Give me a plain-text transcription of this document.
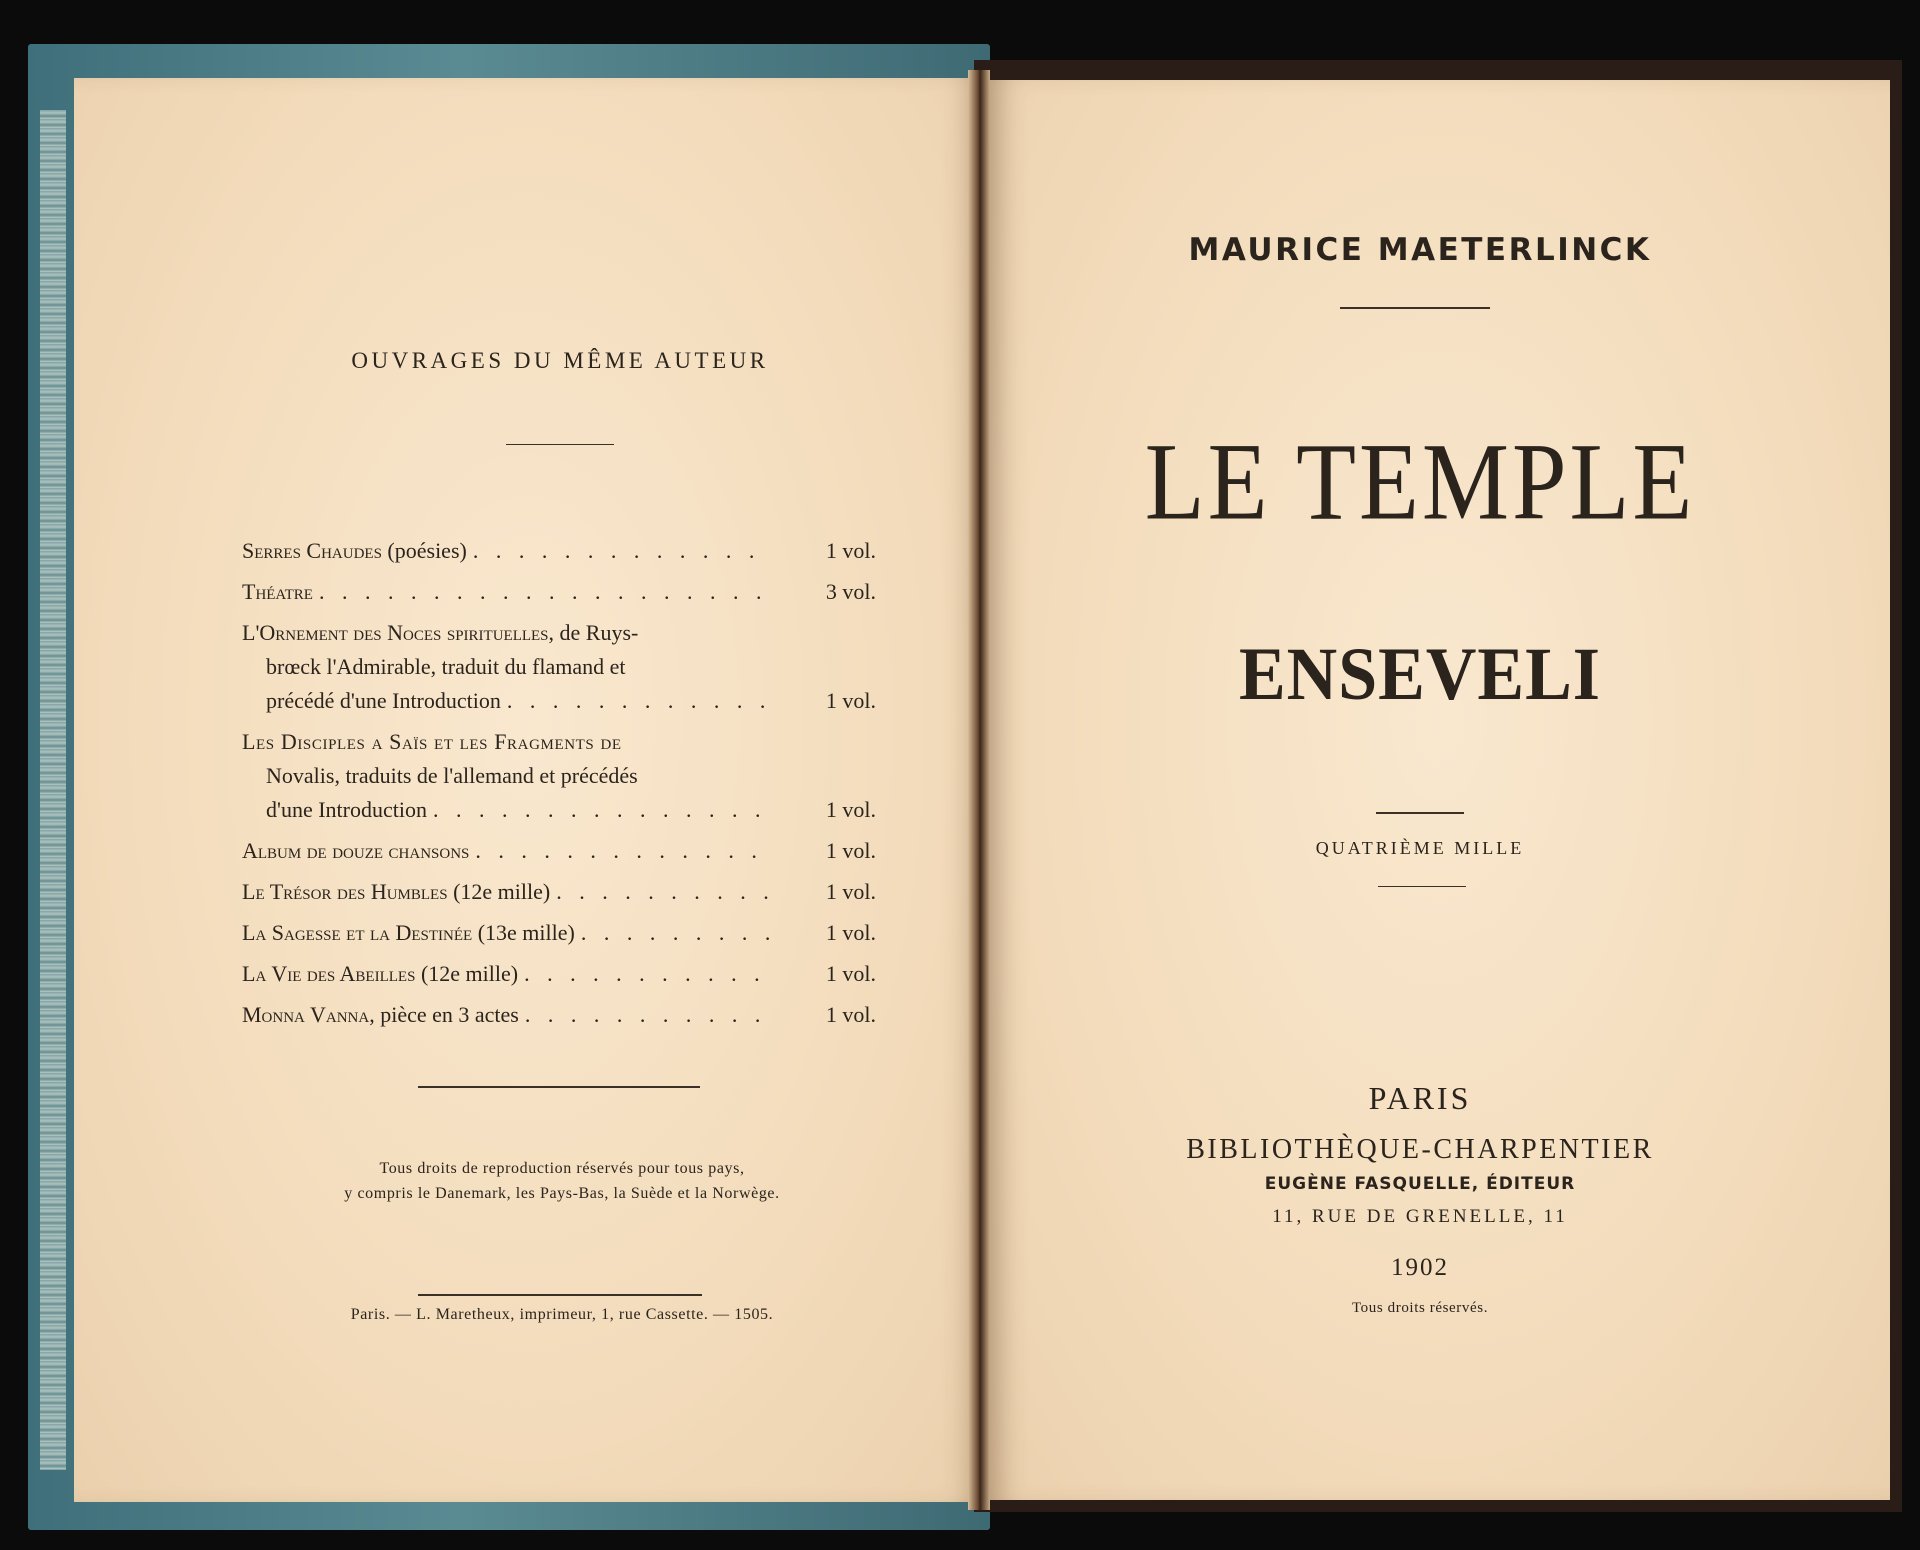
OUVRAGES DU MÊME AUTEUR
Serres Chaudes (poésies) . . .	1 vol.
Théatre . . .	3 vol.
L'Ornement des Noces spirituelles, de Ruys-
brœck l'Admirable, traduit du flamand et
précédé d'une Introduction . . .	1 vol.
Les Disciples a Saïs et les Fragments de
Novalis, traduits de l'allemand et précédés
d'une Introduction . . .	1 vol.
Album de douze chansons . . .	1 vol.
Le Trésor des Humbles (12e mille) . . .	1 vol.
La Sagesse et la Destinée (13e mille) . . .	1 vol.
La Vie des Abeilles (12e mille) . . .	1 vol.
Monna Vanna, pièce en 3 actes . . .	1 vol.
Tous droits de reproduction réservés pour tous pays,
y compris le Danemark, les Pays-Bas, la Suède et la Norwège.
Paris. — L. Maretheux, imprimeur, 1, rue Cassette. — 1505.
MAURICE MAETERLINCK
LE TEMPLE
ENSEVELI
QUATRIÈME MILLE
PARIS
BIBLIOTHÈQUE-CHARPENTIER
EUGÈNE FASQUELLE, ÉDITEUR
11, RUE DE GRENELLE, 11
1902
Tous droits réservés.
